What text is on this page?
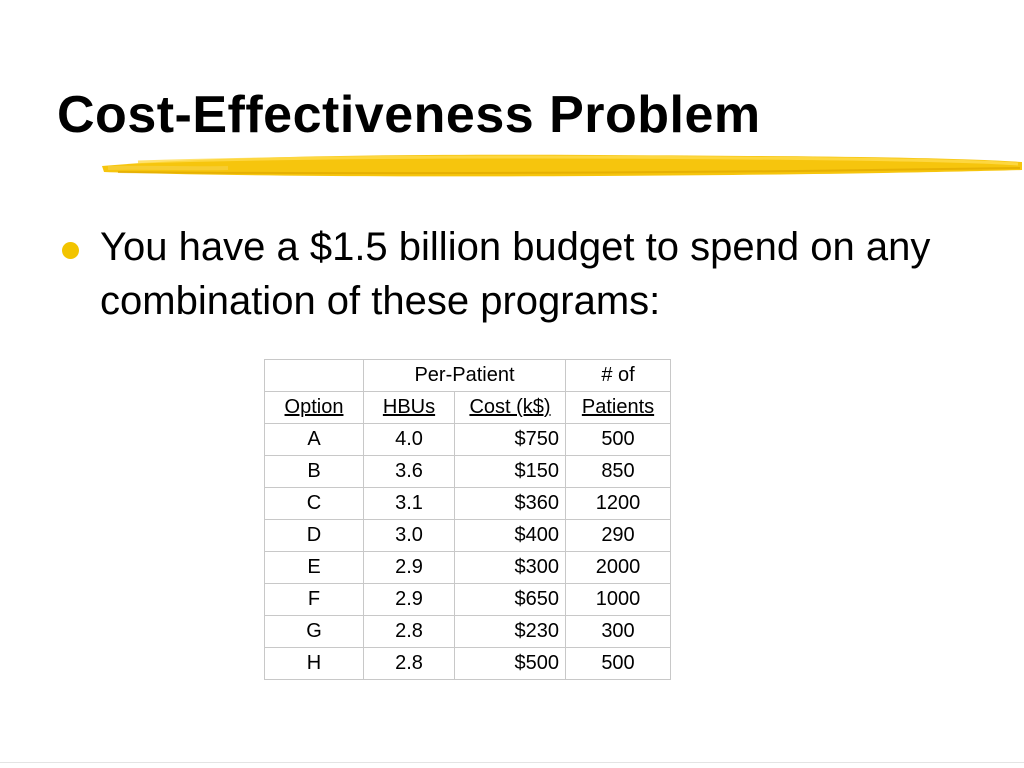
Cost-Effectiveness Problem
You have a $1.5 billion budget to spend on any combination of these programs:
	Per-Patient		# of
Option	HBUs	Cost (k$)	Patients
A	4.0	$750	500
B	3.6	$150	850
C	3.1	$360	1200
D	3.0	$400	290
E	2.9	$300	2000
F	2.9	$650	1000
G	2.8	$230	300
H	2.8	$500	500
